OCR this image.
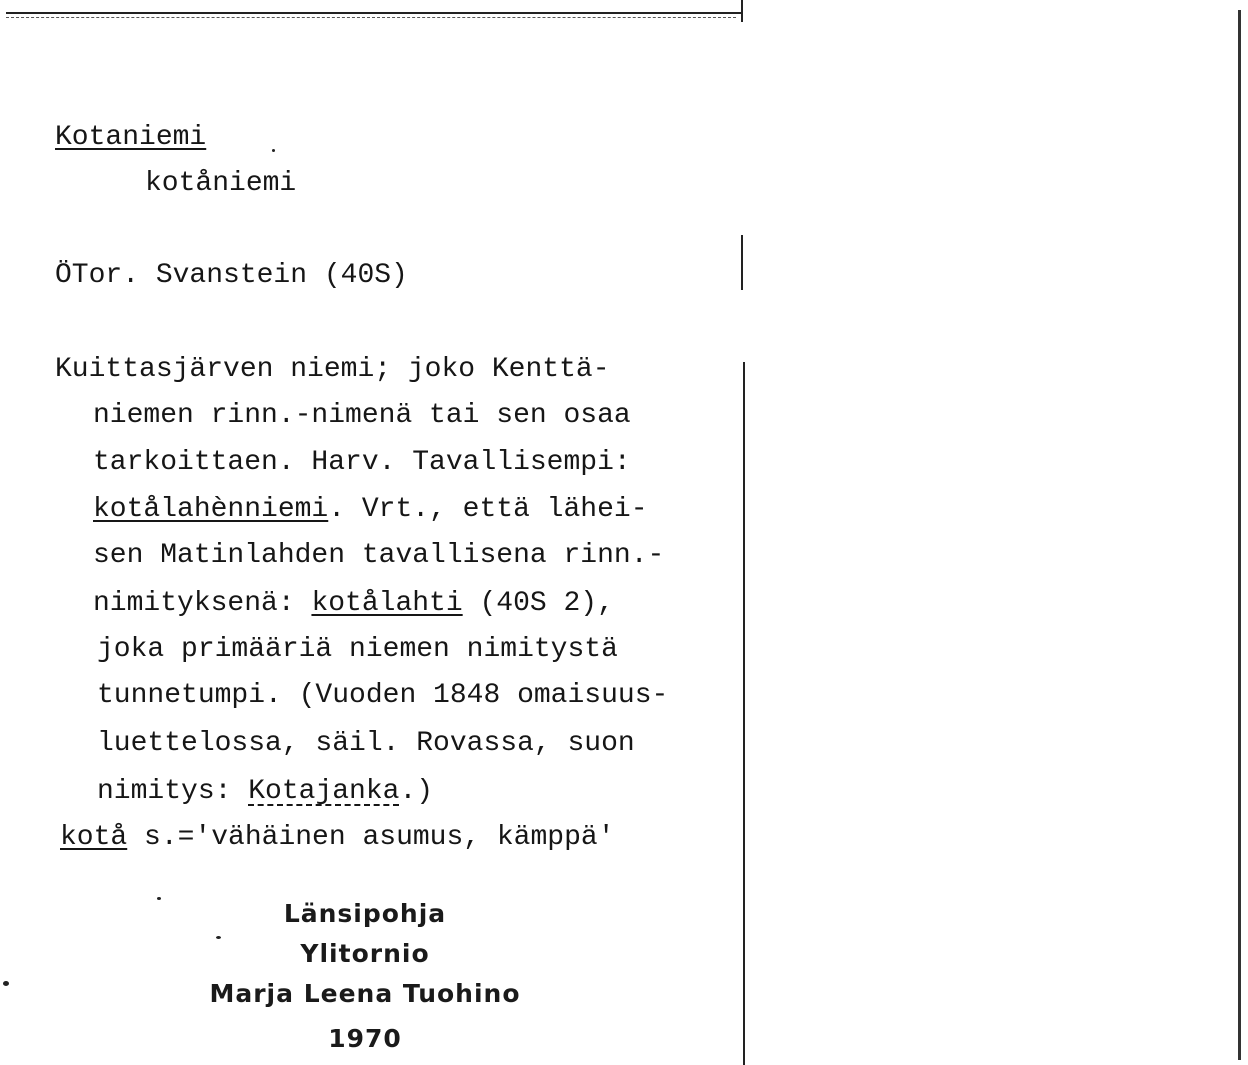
Kotaniemi

kotåniemi

ÖTor. Svanstein (40S)

Kuittasjärven niemi; joko Kenttä-

niemen rinn.-nimenä tai sen osaa

tarkoittaen. Harv. Tavallisempi:

kotålahènniemi. Vrt., että lähei-

sen Matinlahden tavallisena rinn.-

nimityksenä: kotålahti (40S 2),

joka primääriä niemen nimitystä

tunnetumpi. (Vuoden 1848 omaisuus-

luettelossa, säil. Rovassa, suon

nimitys: Kotajanka.)

kotå s.='vähäinen asumus, kämppä'

Länsipohja

Ylitornio

Marja Leena Tuohino

1970
